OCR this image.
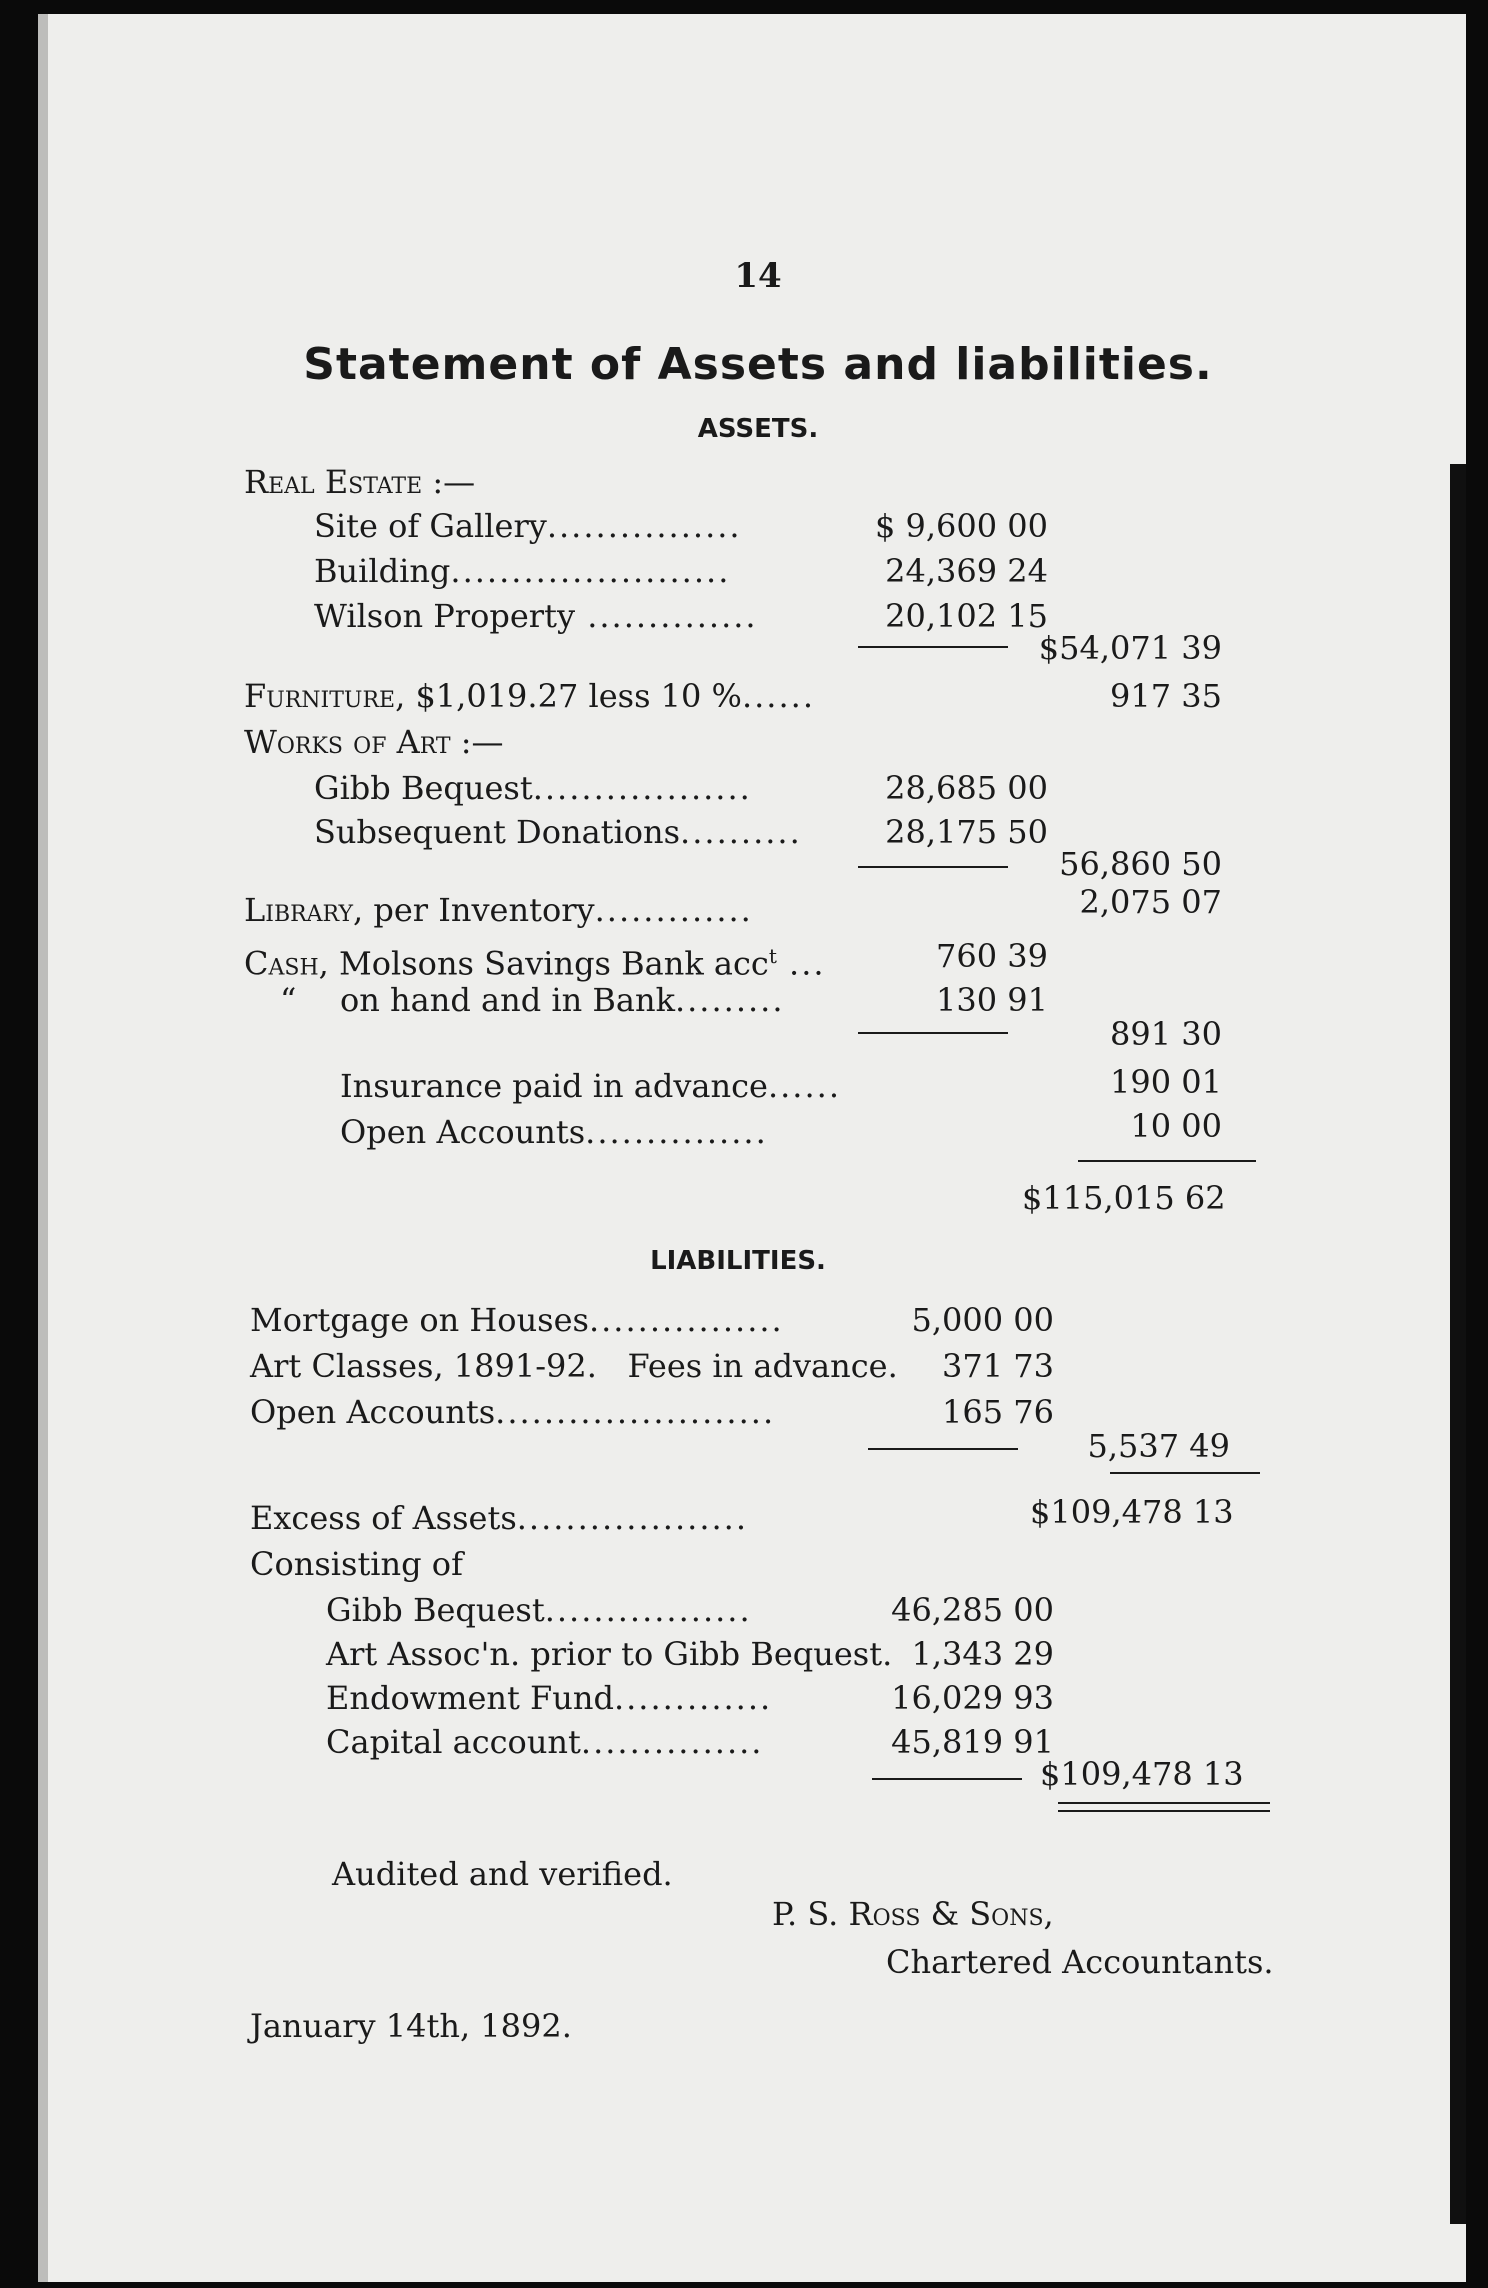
14
Statement of Assets and liabilities.
ASSETS.
Real Estate :—
Site of Gallery................	$ 9,600 00
Building.......................	24,369 24
Wilson Property ..............	20,102 15
$54,071 39
Furniture, $1,019.27 less 10 %......	917 35
Works of Art :—
Gibb Bequest..................	28,685 00
Subsequent Donations..........	28,175 50
56,860 50
Library, per Inventory.............	2,075 07
Cash, Molsons Savings Bank acc$^t$ ...	760 39
“ on hand and in Bank.........	130 91
891 30
Insurance paid in advance......	190 01
Open Accounts...............	10 00
$115,015 62
LIABILITIES.
Mortgage on Houses................	5,000 00
Art Classes, 1891-92.   Fees in advance.	371 73
Open Accounts.......................	165 76
5,537 49
Excess of Assets...................	$109,478 13
Consisting of
Gibb Bequest.................	46,285 00
Art Assoc'n. prior to Gibb Bequest. 1,343 29
Endowment Fund.............	16,029 93
Capital account...............	45,819 91
$109,478 13
Audited and verified.
P. S. Ross & Sons,
Chartered Accountants.
January 14th, 1892.
